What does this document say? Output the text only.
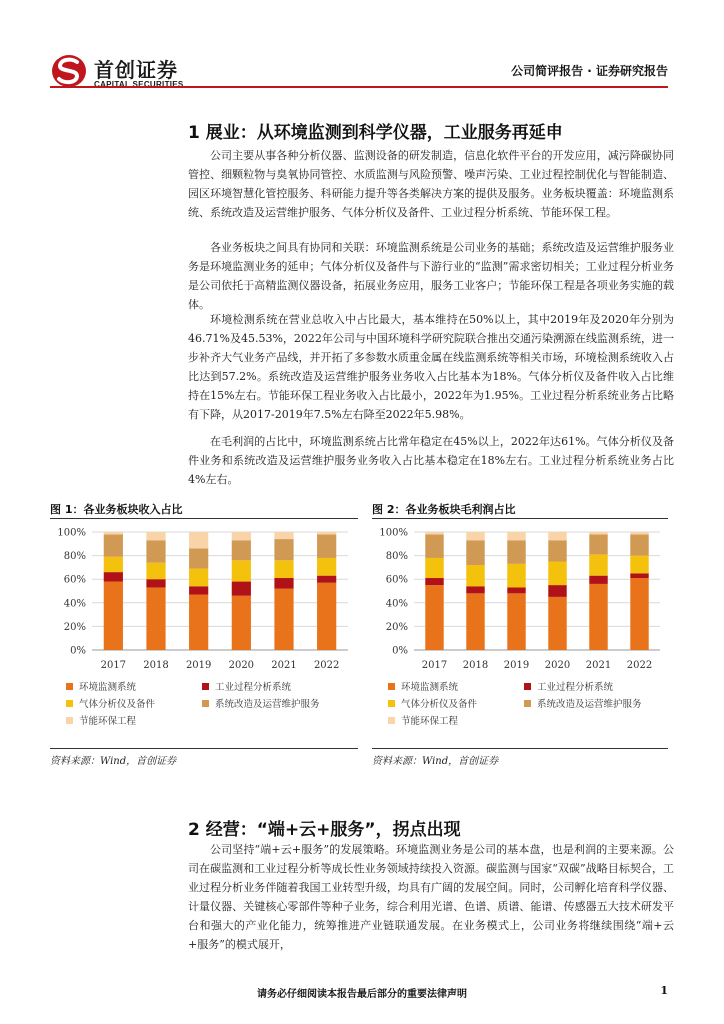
首创证券
CAPITAL SECURITIES
公司简评报告 · 证券研究报告
1 展业：从环境监测到科学仪器，工业服务再延申

公司主要从事各种分析仪器、监测设备的研发制造，信息化软件平台的开发应用，减污降碳协同管控、细颗粒物与臭氧协同管控、水质监测与风险预警、噪声污染、工业过程控制优化与智能制造、园区环境智慧化管控服务、科研能力提升等各类解决方案的提供及服务。业务板块覆盖：环境监测系统、系统改造及运营维护服务、气体分析仪及备件、工业过程分析系统、节能环保工程。

各业务板块之间具有协同和关联：环境监测系统是公司业务的基础；系统改造及运营维护服务业务是环境监测业务的延申；气体分析仪及备件与下游行业的“监测”需求密切相关；工业过程分析业务是公司依托于高精监测仪器设备，拓展业务应用，服务工业客户；节能环保工程是各项业务实施的载体。

环境检测系统在营业总收入中占比最大，基本维持在50%以上，其中2019年及2020年分别为46.71%及45.53%，2022年公司与中国环境科学研究院联合推出交通污染溯源在线监测系统，进一步补齐大气业务产品线，并开拓了多参数水质重金属在线监测系统等相关市场，环境检测系统收入占比达到57.2%。系统改造及运营维护服务业务收入占比基本为18%。气体分析仪及备件收入占比维持在15%左右。节能环保工程业务收入占比最小，2022年为1.95%。工业过程分析系统业务占比略有下降，从2017-2019年7.5%左右降至2022年5.98%。

在毛利润的占比中，环境监测系统占比常年稳定在45%以上，2022年达61%。气体分析仪及备件业务和系统改造及运营维护服务业务收入占比基本稳定在18%左右。工业过程分析系统业务占比4%左右。

图 1：各业务板块收入占比	图 2：各业务板块毛利润占比
0%
20%
40%
60%
80%
100%
2017 2018 2019 2020 2021 2022
环境监测系统	工业过程分析系统
气体分析仪及备件	系统改造及运营维护服务
节能环保工程
0%
20%
40%
60%
80%
100%
2017 2018 2019 2020 2021 2022
环境监测系统	工业过程分析系统
气体分析仪及备件	系统改造及运营维护服务
节能环保工程
资料来源：Wind，首创证券	资料来源：Wind，首创证券
2 经营：“端+云+服务”，拐点出现

公司坚持“端+云+服务”的发展策略。环境监测业务是公司的基本盘，也是利润的主要来源。公司在碳监测和工业过程分析等成长性业务领域持续投入资源。碳监测与国家“双碳”战略目标契合，工业过程分析业务伴随着我国工业转型升级，均具有广阔的发展空间。同时，公司孵化培育科学仪器、计量仪器、关键核心零部件等种子业务，综合利用光谱、色谱、质谱、能谱、传感器五大技术研发平台和强大的产业化能力，统筹推进产业链联通发展。在业务模式上，公司业务将继续围绕“端+云+服务”的模式展开，

请务必仔细阅读本报告最后部分的重要法律声明	1
